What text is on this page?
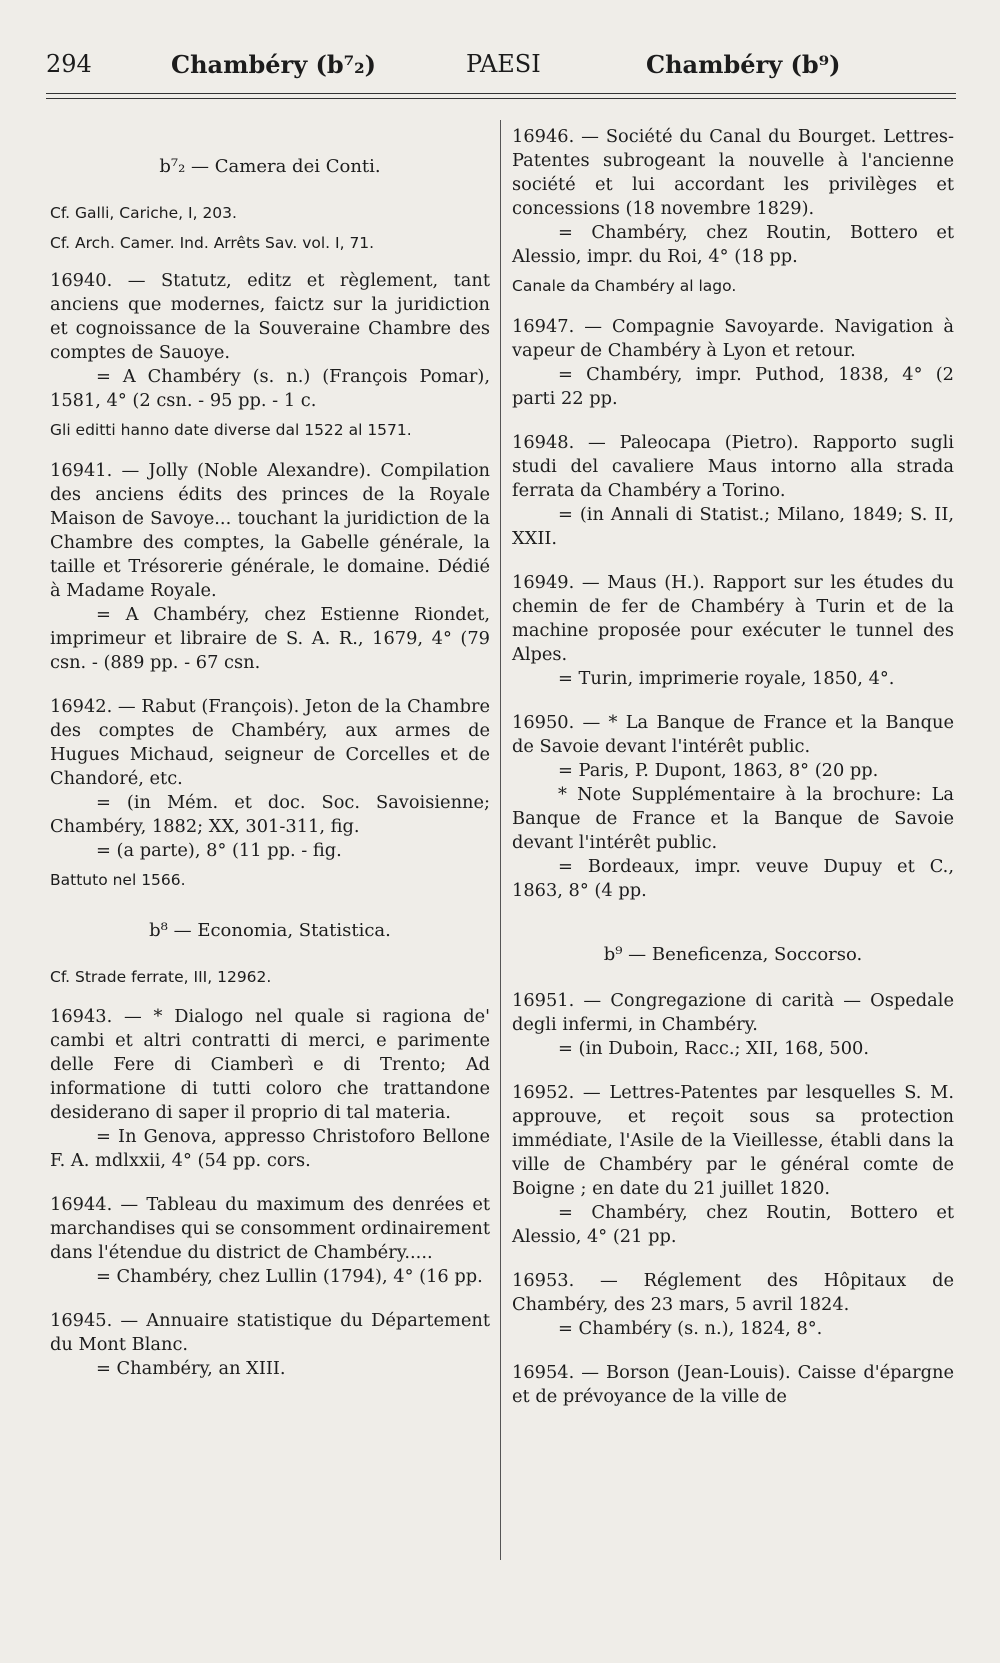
294	Chambéry (b⁷₂)	PAESI	Chambéry (b⁹)
b⁷₂ — Camera dei Conti.
Cf. Galli, Cariche, I, 203.
Cf. Arch. Camer. Ind. Arrêts Sav. vol. I, 71.

16940. — Statutz, editz et règlement, tant anciens que modernes, faictz sur la juridiction et cognoissance de la Souveraine Chambre des comptes de Sauoye.

= A Chambéry (s. n.) (François Pomar), 1581, 4° (2 csn. - 95 pp. - 1 c.

Gli editti hanno date diverse dal 1522 al 1571.

16941. — Jolly (Noble Alexandre). Compilation des anciens édits des princes de la Royale Maison de Savoye... touchant la juridiction de la Chambre des comptes, la Gabelle générale, la taille et Trésorerie générale, le domaine. Dédié à Madame Royale.

= A Chambéry, chez Estienne Riondet, imprimeur et libraire de S. A. R., 1679, 4° (79 csn. - (889 pp. - 67 csn.

16942. — Rabut (François). Jeton de la Chambre des comptes de Chambéry, aux armes de Hugues Michaud, seigneur de Corcelles et de Chandoré, etc.

= (in Mém. et doc. Soc. Savoisienne; Chambéry, 1882; XX, 301-311, fig.

= (a parte), 8° (11 pp. - fig.

Battuto nel 1566.
b⁸ — Economia, Statistica.
Cf. Strade ferrate, III, 12962.

16943. — * Dialogo nel quale si ragiona de' cambi et altri contratti di merci, e parimente delle Fere di Ciamberì e di Trento; Ad informatione di tutti coloro che trattandone desiderano di saper il proprio di tal materia.

= In Genova, appresso Christoforo Bellone F. A. mdlxxii, 4° (54 pp. cors.

16944. — Tableau du maximum des denrées et marchandises qui se consomment ordinairement dans l'étendue du district de Chambéry.....

= Chambéry, chez Lullin (1794), 4° (16 pp.

16945. — Annuaire statistique du Département du Mont Blanc.

= Chambéry, an XIII.

16946. — Société du Canal du Bourget. Lettres-Patentes subrogeant la nouvelle à l'ancienne société et lui accordant les privilèges et concessions (18 novembre 1829).

= Chambéry, chez Routin, Bottero et Alessio, impr. du Roi, 4° (18 pp.

Canale da Chambéry al lago.

16947. — Compagnie Savoyarde. Navigation à vapeur de Chambéry à Lyon et retour.

= Chambéry, impr. Puthod, 1838, 4° (2 parti 22 pp.

16948. — Paleocapa (Pietro). Rapporto sugli studi del cavaliere Maus intorno alla strada ferrata da Chambéry a Torino.

= (in Annali di Statist.; Milano, 1849; S. II, XXII.

16949. — Maus (H.). Rapport sur les études du chemin de fer de Chambéry à Turin et de la machine proposée pour exécuter le tunnel des Alpes.

= Turin, imprimerie royale, 1850, 4°.

16950. — * La Banque de France et la Banque de Savoie devant l'intérêt public.

= Paris, P. Dupont, 1863, 8° (20 pp.

* Note Supplémentaire à la brochure: La Banque de France et la Banque de Savoie devant l'intérêt public.

= Bordeaux, impr. veuve Dupuy et C., 1863, 8° (4 pp.

b⁹ — Beneficenza, Soccorso.

16951. — Congregazione di carità — Ospedale degli infermi, in Chambéry.

= (in Duboin, Racc.; XII, 168, 500.

16952. — Lettres-Patentes par lesquelles S. M. approuve, et reçoit sous sa protection immédiate, l'Asile de la Vieillesse, établi dans la ville de Chambéry par le général comte de Boigne ; en date du 21 juillet 1820.

= Chambéry, chez Routin, Bottero et Alessio, 4° (21 pp.

16953. — Réglement des Hôpitaux de Chambéry, des 23 mars, 5 avril 1824.

= Chambéry (s. n.), 1824, 8°.

16954. — Borson (Jean-Louis). Caisse d'épargne et de prévoyance de la ville de
